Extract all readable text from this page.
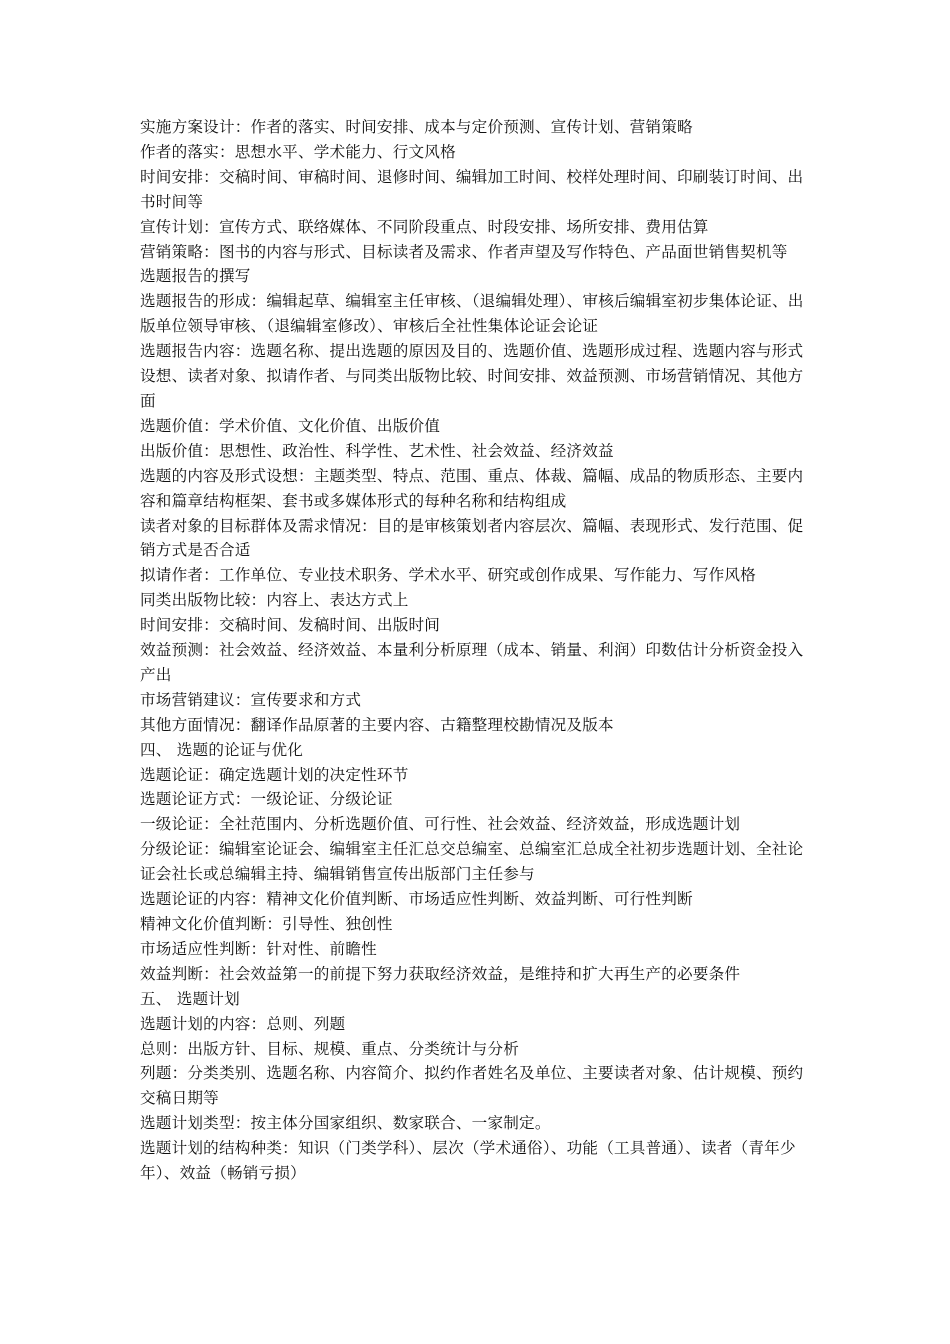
实施方案设计：作者的落实、时间安排、成本与定价预测、宣传计划、营销策略

作者的落实：思想水平、学术能力、行文风格

时间安排：交稿时间、审稿时间、退修时间、编辑加工时间、校样处理时间、印刷装订时间、出书时间等

宣传计划：宣传方式、联络媒体、不同阶段重点、时段安排、场所安排、费用估算

营销策略：图书的内容与形式、目标读者及需求、作者声望及写作特色、产品面世销售契机等

选题报告的撰写

选题报告的形成：编辑起草、编辑室主任审核、（退编辑处理）、审核后编辑室初步集体论证、出版单位领导审核、（退编辑室修改）、审核后全社性集体论证会论证

选题报告内容：选题名称、提出选题的原因及目的、选题价值、选题形成过程、选题内容与形式设想、读者对象、拟请作者、与同类出版物比较、时间安排、效益预测、市场营销情况、其他方面

选题价值：学术价值、文化价值、出版价值

出版价值：思想性、政治性、科学性、艺术性、社会效益、经济效益

选题的内容及形式设想：主题类型、特点、范围、重点、体裁、篇幅、成品的物质形态、主要内容和篇章结构框架、套书或多媒体形式的每种名称和结构组成

读者对象的目标群体及需求情况：目的是审核策划者内容层次、篇幅、表现形式、发行范围、促销方式是否合适

拟请作者：工作单位、专业技术职务、学术水平、研究或创作成果、写作能力、写作风格

同类出版物比较：内容上、表达方式上

时间安排：交稿时间、发稿时间、出版时间

效益预测：社会效益、经济效益、本量利分析原理（成本、销量、利润）印数估计分析资金投入产出

市场营销建议：宣传要求和方式

其他方面情况：翻译作品原著的主要内容、古籍整理校勘情况及版本

四、 选题的论证与优化

选题论证：确定选题计划的决定性环节

选题论证方式：一级论证、分级论证

一级论证：全社范围内、分析选题价值、可行性、社会效益、经济效益，形成选题计划

分级论证：编辑室论证会、编辑室主任汇总交总编室、总编室汇总成全社初步选题计划、全社论证会社长或总编辑主持、编辑销售宣传出版部门主任参与

选题论证的内容：精神文化价值判断、市场适应性判断、效益判断、可行性判断

精神文化价值判断：引导性、独创性

市场适应性判断：针对性、前瞻性

效益判断：社会效益第一的前提下努力获取经济效益，是维持和扩大再生产的必要条件

五、 选题计划

选题计划的内容：总则、列题

总则：出版方针、目标、规模、重点、分类统计与分析

列题：分类类别、选题名称、内容简介、拟约作者姓名及单位、主要读者对象、估计规模、预约交稿日期等

选题计划类型：按主体分国家组织、数家联合、一家制定。

选题计划的结构种类：知识（门类学科）、层次（学术通俗）、功能（工具普通）、读者（青年少年）、效益（畅销亏损）
